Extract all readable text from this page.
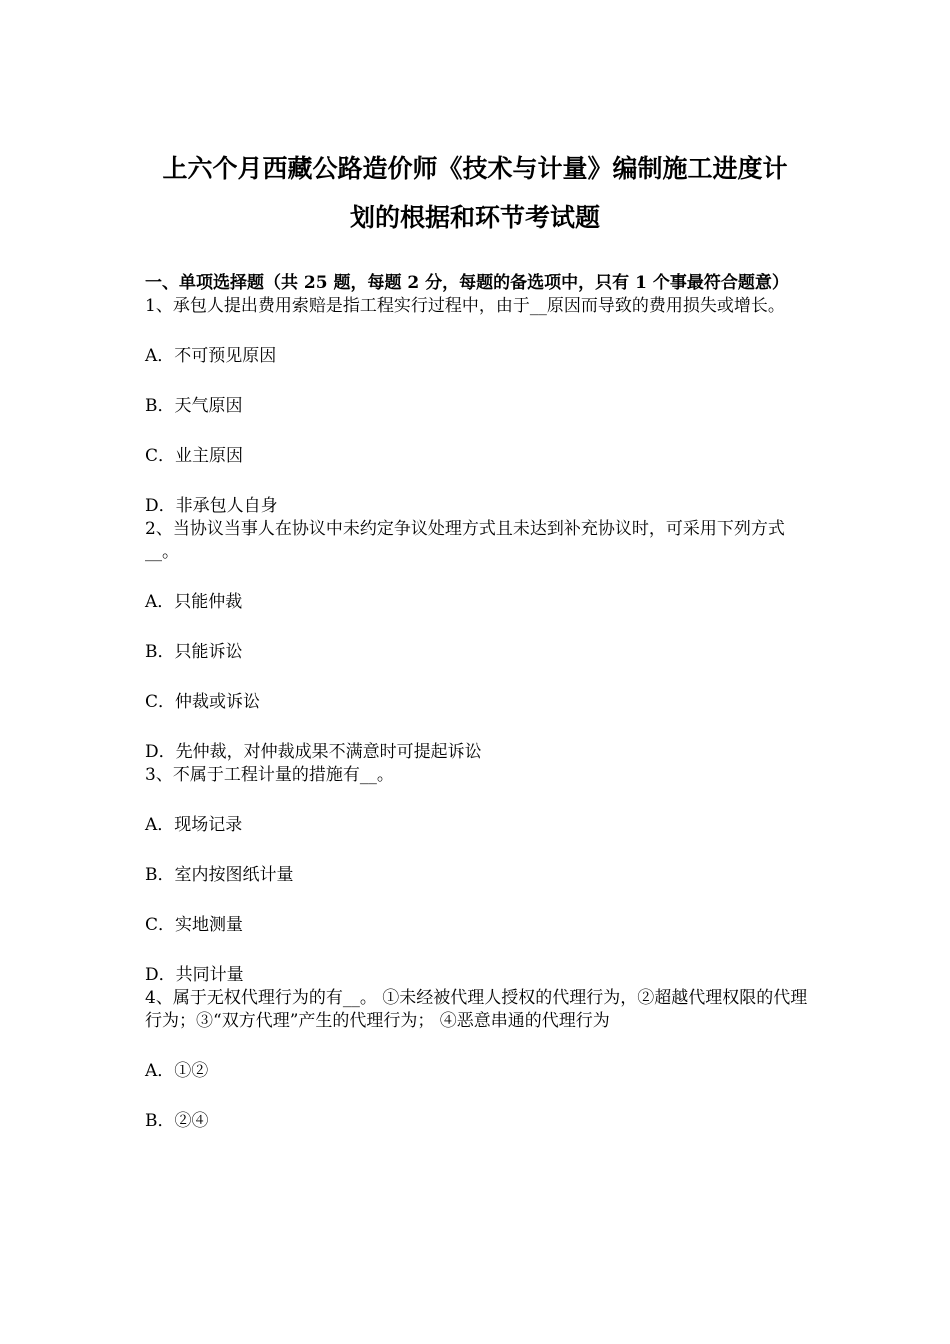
上六个月西藏公路造价师《技术与计量》编制施工进度计
划的根据和环节考试题

一、单项选择题（共 25 题，每题 2 分，每题的备选项中，只有 1 个事最符合题意）

1、承包人提出费用索赔是指工程实行过程中，由于__原因而导致的费用损失或增长。

A．不可预见原因

B．天气原因

C．业主原因

D．非承包人自身

2、当协议当事人在协议中未约定争议处理方式且未达到补充协议时，可采用下列方式__。

A．只能仲裁

B．只能诉讼

C．仲裁或诉讼

D．先仲裁，对仲裁成果不满意时可提起诉讼

3、不属于工程计量的措施有__。

A．现场记录

B．室内按图纸计量

C．实地测量

D．共同计量

4、属于无权代理行为的有__。 ①未经被代理人授权的代理行为，②超越代理权限的代理行为；③“双方代理”产生的代理行为； ④恶意串通的代理行为

A．①②

B．②④
